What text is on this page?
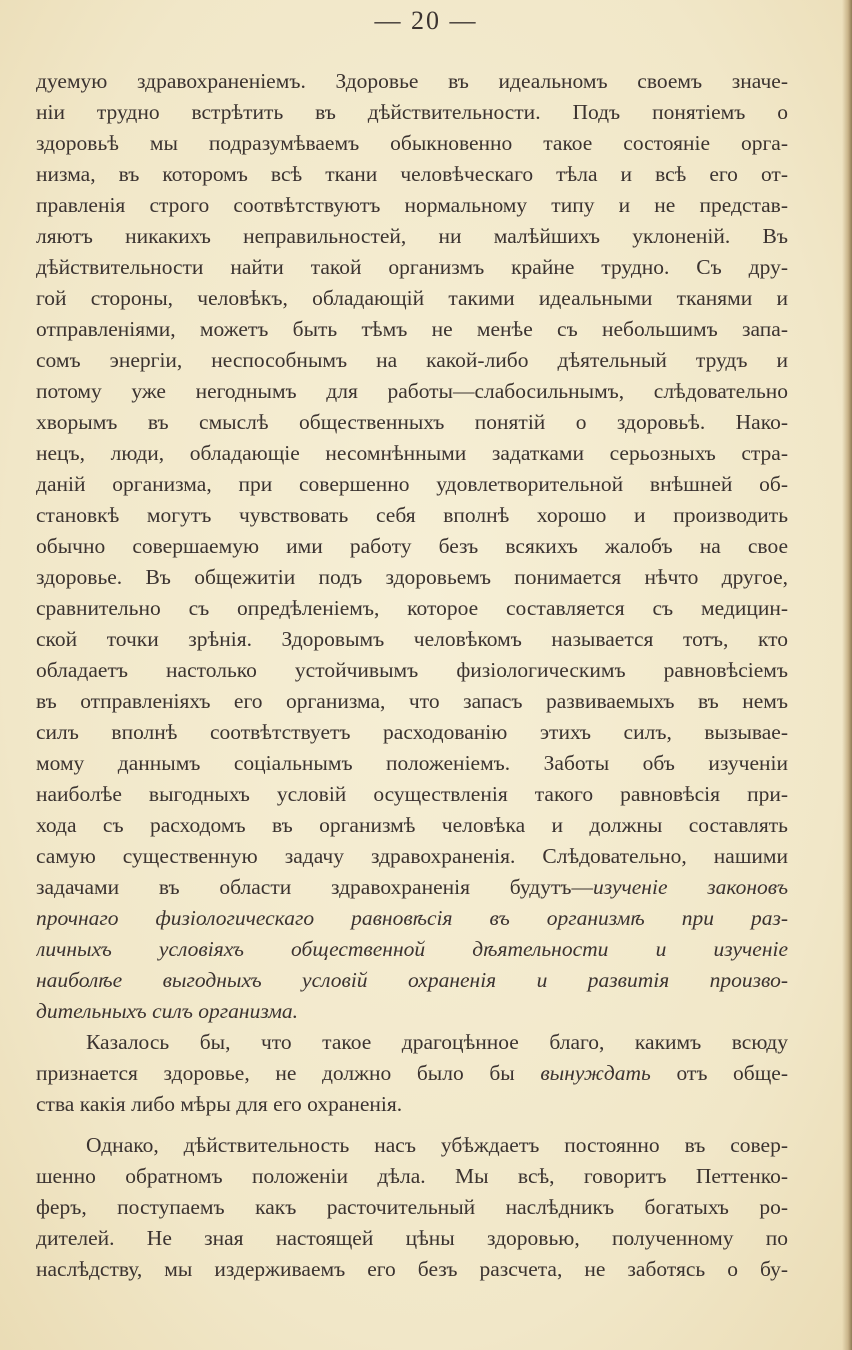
— 20 —
дуемую здравохраненіемъ. Здоровье въ идеальномъ своемъ значе-
ніи трудно встрѣтить въ дѣйствительности. Подъ понятіемъ о
здоровьѣ мы подразумѣваемъ обыкновенно такое состояніе орга-
низма, въ которомъ всѣ ткани человѣческаго тѣла и всѣ его от-
правленія строго соотвѣтствуютъ нормальному типу и не представ-
ляютъ никакихъ неправильностей, ни малѣйшихъ уклоненій. Въ
дѣйствительности найти такой организмъ крайне трудно. Съ дру-
гой стороны, человѣкъ, обладающій такими идеальными тканями и
отправленіями, можетъ быть тѣмъ не менѣе съ небольшимъ запа-
сомъ энергіи, неспособнымъ на какой-либо дѣятельный трудъ и
потому уже негоднымъ для работы—слабосильнымъ, слѣдовательно
хворымъ въ смыслѣ общественныхъ понятій о здоровьѣ. Нако-
нецъ, люди, обладающіе несомнѣнными задатками серьозныхъ стра-
даній организма, при совершенно удовлетворительной внѣшней об-
становкѣ могутъ чувствовать себя вполнѣ хорошо и производить
обычно совершаемую ими работу безъ всякихъ жалобъ на свое
здоровье. Въ общежитіи подъ здоровьемъ понимается нѣчто другое,
сравнительно съ опредѣленіемъ, которое составляется съ медицин-
ской точки зрѣнія. Здоровымъ человѣкомъ называется тотъ, кто
обладаетъ настолько устойчивымъ физіологическимъ равновѣсіемъ
въ отправленіяхъ его организма, что запасъ развиваемыхъ въ немъ
силъ вполнѣ соотвѣтствуетъ расходованію этихъ силъ, вызывае-
мому даннымъ соціальнымъ положеніемъ. Заботы объ изученіи
наиболѣе выгодныхъ условій осуществленія такого равновѣсія при-
хода съ расходомъ въ организмѣ человѣка и должны составлять
самую существенную задачу здравохраненія. Слѣдовательно, нашими
задачами въ области здравохраненія будутъ—изученіе законовъ
прочнаго физіологическаго равновѣсія въ организмѣ при раз-
личныхъ условіяхъ общественной дѣятельности и изученіе
наиболѣе выгодныхъ условій охраненія и развитія произво-
дительныхъ силъ организма.
Казалось бы, что такое драгоцѣнное благо, какимъ всюду
признается здоровье, не должно было бы вынуждать отъ обще-
ства какія либо мѣры для его охраненія.
Однако, дѣйствительность насъ убѣждаетъ постоянно въ совер-
шенно обратномъ положеніи дѣла. Мы всѣ, говоритъ Петтенко-
феръ, поступаемъ какъ расточительный наслѣдникъ богатыхъ ро-
дителей. Не зная настоящей цѣны здоровью, полученному по
наслѣдству, мы издерживаемъ его безъ разсчета, не заботясь о бу-
